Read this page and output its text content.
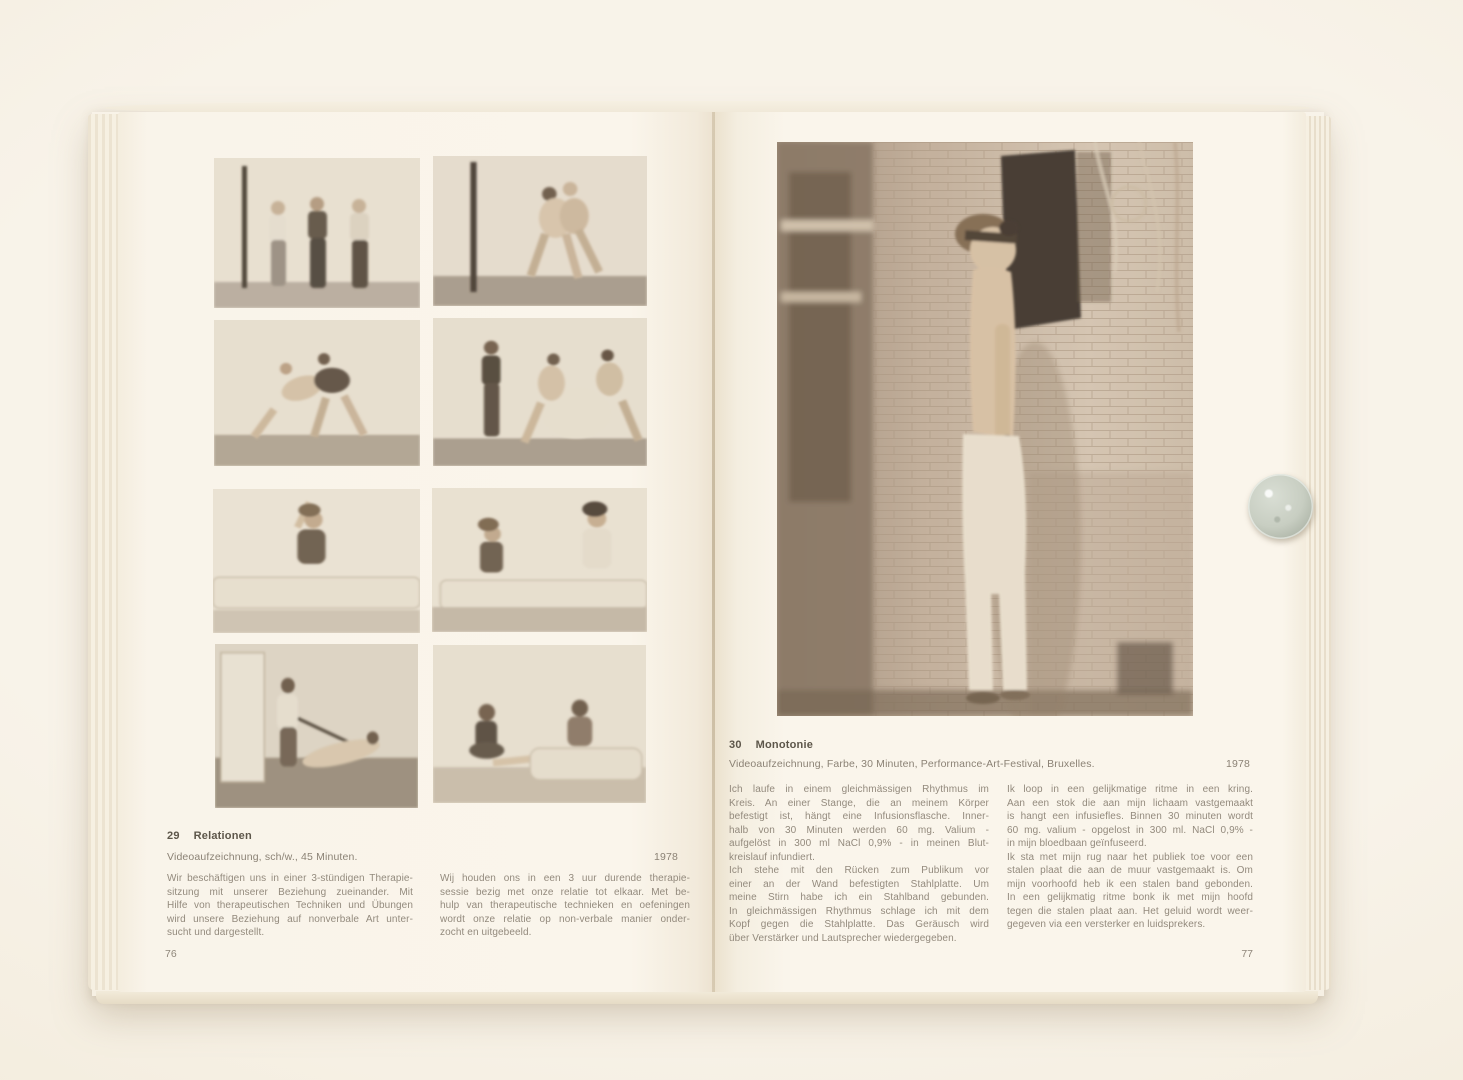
29 Relationen
Videoaufzeichnung, sch/w., 45 Minuten.	1978
Wir beschäftigen uns in einer 3-stündigen Therapie-
sitzung mit unserer Beziehung zueinander. Mit
Hilfe von therapeutischen Techniken und Übungen
wird unsere Beziehung auf nonverbale Art unter-
sucht und dargestellt.
Wij houden ons in een 3 uur durende therapie-
sessie bezig met onze relatie tot elkaar. Met be-
hulp van therapeutische technieken en oefeningen
wordt onze relatie op non-verbale manier onder-
zocht en uitgebeeld.
76
30 Monotonie
Videoaufzeichnung, Farbe, 30 Minuten, Performance-Art-Festival, Bruxelles.	1978
Ich laufe in einem gleichmässigen Rhythmus im
Kreis. An einer Stange, die an meinem Körper
befestigt ist, hängt eine Infusionsflasche. Inner-
halb von 30 Minuten werden 60 mg. Valium -
aufgelöst in 300 ml NaCl 0,9% - in meinen Blut-
kreislauf infundiert.
Ich stehe mit den Rücken zum Publikum vor
einer an der Wand befestigten Stahlplatte. Um
meine Stirn habe ich ein Stahlband gebunden.
In gleichmässigen Rhythmus schlage ich mit dem
Kopf gegen die Stahlplatte. Das Geräusch wird
über Verstärker und Lautsprecher wiedergegeben.
Ik loop in een gelijkmatige ritme in een kring.
Aan een stok die aan mijn lichaam vastgemaakt
is hangt een infusiefles. Binnen 30 minuten wordt
60 mg. valium - opgelost in 300 ml. NaCl 0,9% -
in mijn bloedbaan geïnfuseerd.
Ik sta met mijn rug naar het publiek toe voor een
stalen plaat die aan de muur vastgemaakt is. Om
mijn voorhoofd heb ik een stalen band gebonden.
In een gelijkmatig ritme bonk ik met mijn hoofd
tegen die stalen plaat aan. Het geluid wordt weer-
gegeven via een versterker en luidsprekers.
77
